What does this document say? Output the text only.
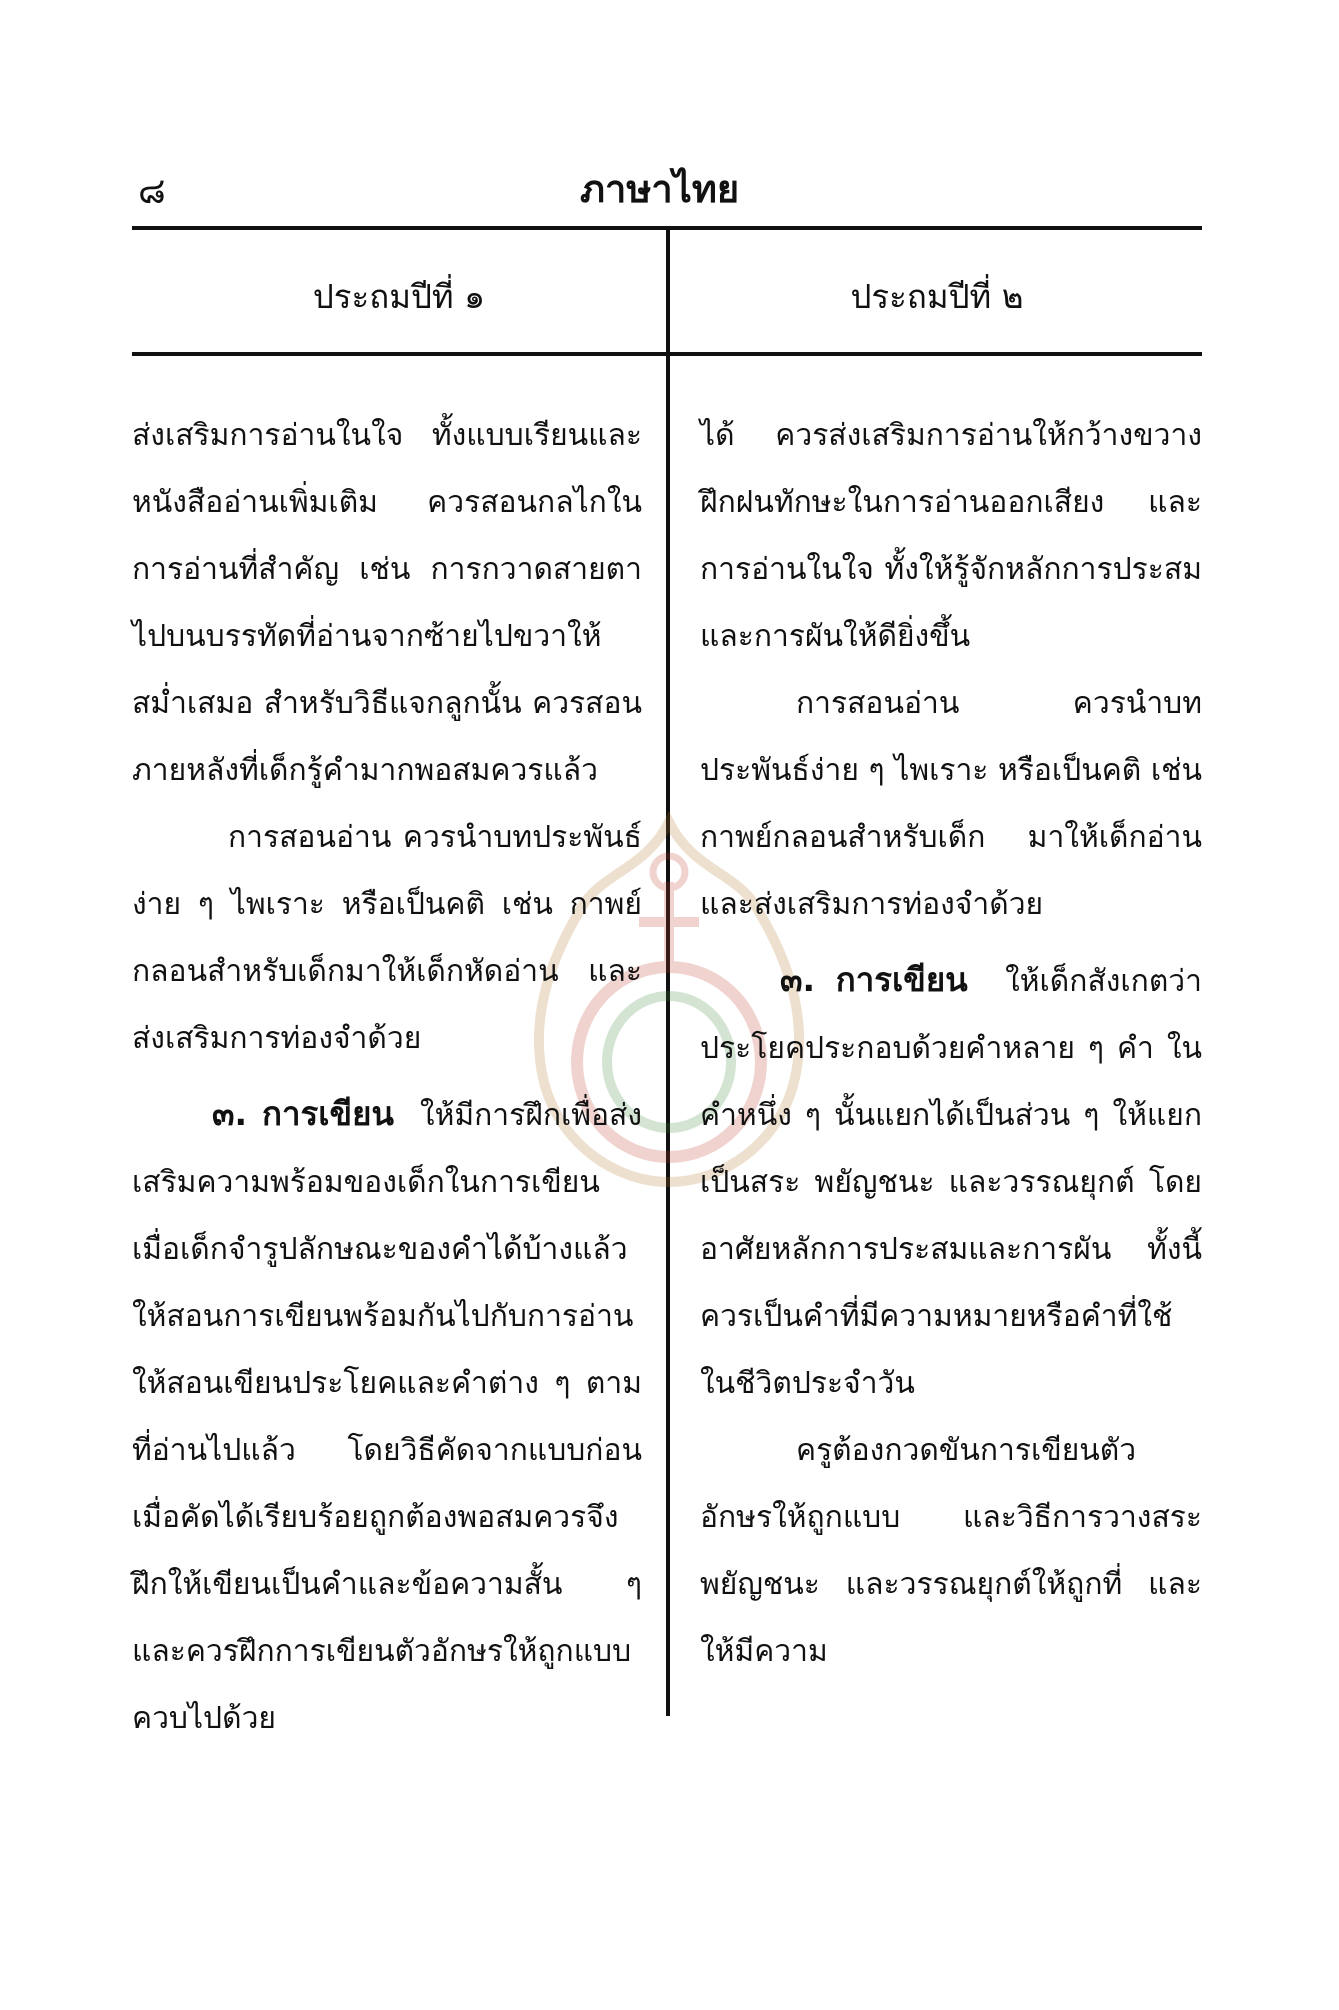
๘	ภาษาไทย
ประถมปีที่ ๑	ประถมปีที่ ๒

ส่งเสริมการอ่านในใจ ทั้งแบบเรียนและหนังสืออ่านเพิ่มเติม ควรสอนกลไกในการอ่านที่สำคัญ เช่น การกวาดสายตาไปบนบรรทัดที่อ่านจากซ้ายไปขวาให้สม่ำเสมอ สำหรับวิธีแจกลูกนั้น ควรสอนภายหลังที่เด็กรู้คำมากพอสมควรแล้ว

การสอนอ่าน ควรนำบทประพันธ์ง่าย ๆ ไพเราะ หรือเป็นคติ เช่น กาพย์กลอนสำหรับเด็กมาให้เด็กหัดอ่าน และส่งเสริมการท่องจำด้วย

๓. การเขียน ให้มีการฝึกเพื่อส่งเสริมความพร้อมของเด็กในการเขียน เมื่อเด็กจำรูปลักษณะของคำได้บ้างแล้ว ให้สอนการเขียนพร้อมกันไปกับการอ่าน ให้สอนเขียนประโยคและคำต่าง ๆ ตามที่อ่านไปแล้ว โดยวิธีคัดจากแบบก่อน เมื่อคัดได้เรียบร้อยถูกต้องพอสมควรจึงฝึกให้เขียนเป็นคำและข้อความสั้น ๆ และควรฝึกการเขียนตัวอักษรให้ถูกแบบควบไปด้วย

ได้ ควรส่งเสริมการอ่านให้กว้างขวาง ฝึกฝนทักษะในการอ่านออกเสียง และการอ่านในใจ ทั้งให้รู้จักหลักการประสมและการผันให้ดียิ่งขึ้น

การสอนอ่าน ควรนำบทประพันธ์ง่าย ๆ ไพเราะ หรือเป็นคติ เช่น กาพย์กลอนสำหรับเด็ก มาให้เด็กอ่าน และส่งเสริมการท่องจำด้วย

๓. การเขียน ให้เด็กสังเกตว่าประโยคประกอบด้วยคำหลาย ๆ คำ ในคำหนึ่ง ๆ นั้นแยกได้เป็นส่วน ๆ ให้แยกเป็นสระ พยัญชนะ และวรรณยุกต์ โดยอาศัยหลักการประสมและการผัน ทั้งนี้ควรเป็นคำที่มีความหมายหรือคำที่ใช้ในชีวิตประจำวัน

ครูต้องกวดขันการเขียนตัวอักษรให้ถูกแบบ และวิธีการวางสระ พยัญชนะ และวรรณยุกต์ให้ถูกที่ และให้มีความ
